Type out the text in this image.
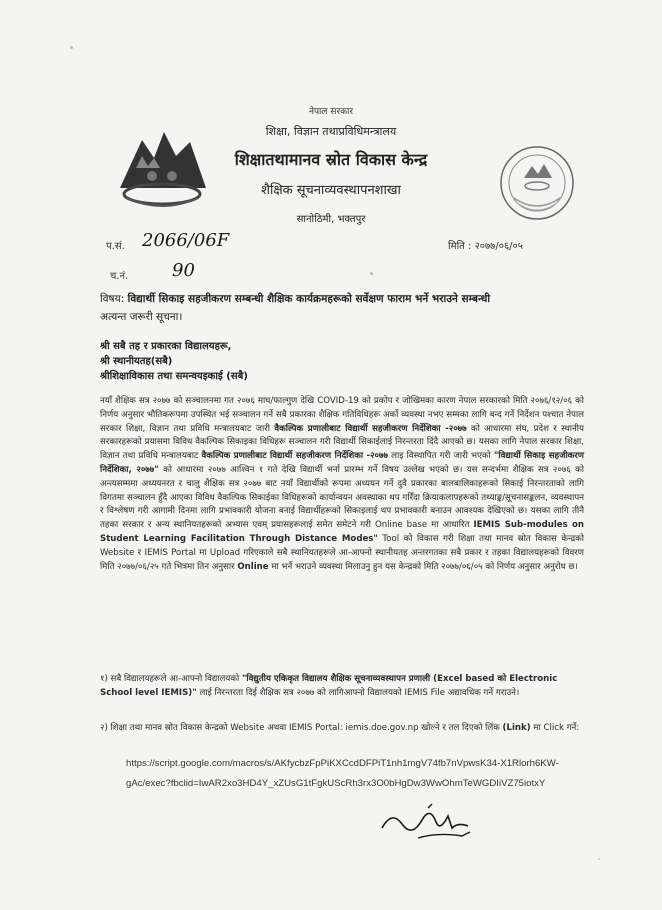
नेपाल सरकार
शिक्षा, विज्ञान तथाप्रविधिमन्त्रालय
शिक्षातथामानव स्रोत विकास केन्द्र
शैक्षिक सूचनाव्यवस्थापनशाखा
सानोठिमी, भक्तपुर
प.सं. 2066/06F	मिति : २०७७/०६/०५
च.नं. 90
विषय: विद्यार्थी सिकाइ सहजीकरण सम्बन्धी शैक्षिक कार्यक्रमहरूको सर्वेक्षण फाराम भर्ने भराउने सम्बन्धी
अत्यन्त जरूरी सूचना।
श्री सबै तह र प्रकारका विद्यालयहरू,
श्री स्थानीयतह(सबै)
श्रीशिक्षाविकास तथा समन्वयइकाई (सबै)
नयाँ शैक्षिक सत्र २०७७ को सञ्चालनमा गत २०७६ माघ/फाल्गुण देखि COVID-19 को प्रकोप र जोखिमका कारण नेपाल सरकारको मिति २०७६/१२/०६ को निर्णय अनुसार भौतिकरूपमा उपस्थित भई सञ्चालन गर्ने सबै प्रकारका शैक्षिक गतिविधिहरू अर्को व्यवस्था नभए सम्मका लागि बन्द गर्ने निर्देशन पश्चात नेपाल सरकार शिक्षा, विज्ञान तथा प्रविधि मन्त्रालयबाट जारी वैकल्पिक प्रणालीबाट विद्यार्थी सहजीकरण निर्देशिका -२०७७ को आधारमा संघ, प्रदेश र स्थानीय सरकारहरूको प्रयासमा विविध वैकल्पिक सिकाइका विधिहरू सञ्चालन गरी विद्यार्थी सिकाईलाई निरन्तरता दिंदै आएको छ। यसका लागि नेपाल सरकार शिक्षा, विज्ञान तथा प्रविधि मन्त्रालयबाट वैकल्पिक प्रणालीबाट विद्यार्थी सहजीकरण निर्देशिका -२०७७ लाइ विस्थापित गरी जारी भएको "विद्यार्थी सिकाइ सहजीकरण निर्देशिका, २०७७" को आधारमा २०७७ आश्विन १ गते देखि विद्यार्थी भर्ना प्रारम्भ गर्ने विषय उल्लेख भएको छ। यस सन्दर्भमा शैक्षिक सत्र २०७६ को अन्त्यसम्ममा अध्ययनरत र चालु शैक्षिक सत्र २०७७ बाट नयाँ विद्यार्थीको रूपमा अध्ययन गर्ने दुवै प्रकारका बालबालिकाहरूको सिकाई निरन्तरताको लागि विगतमा सञ्चालन हुँदै आएका विविध वैकल्पिक सिकाईका विधिहरूको कार्यान्वयन अवस्थाका थप गरिँदा क्रियाकलापहरूको तथ्याङ्क/सूचनासङ्कलन, व्यवस्थापन र विश्लेषण गरी आगामी दिनमा लागि प्रभावकारी योजना बनाई विद्यार्थीहरूको सिकाइलाई थप प्रभावकारी बनाउन आवश्यक देखिएको छ। यसका लागि तीनै तहका सरकार र अन्य स्थानियतहरूको अभ्यास एवम् प्रयासहरूलाई समेत समेटने गरी Online base मा आधारित IEMIS Sub-modules on Student Learning Facilitation Through Distance Modes" Tool को विकास गरी शिक्षा तथा मानव स्रोत विकास केन्द्रको Website र IEMIS Portal मा Upload गरिएकाले सबै स्थानियतहरूले आ-आफ्नो स्थानीयतह अन्तरगतका सबै प्रकार र तहका विद्यालयहरूको विवरण मिति २०७७/०६/२५ गते भित्रमा तिन अनुसार Online मा भर्ने भराउने व्यवस्था मिलाउनु हुन यस केन्द्रको मिति २०७७/०६/०५ को निर्णय अनुसार अनुरोध छ।
१) सबै विद्यालयहरूले आ-आफ्नो विद्यालयको "विद्युतीय एकिकृत विद्यालय शैक्षिक सूचनाव्यवस्थापन प्रणाली (Excel based को Electronic School level IEMIS)" लाई निरन्तरता दिई शैक्षिक सत्र २०७७ को लागिआफ्नो विद्यालयको IEMIS File अद्यावधिक गर्ने गराउने।
२) शिक्षा तथा मानव स्रोत विकास केन्द्रको Website अथवा IEMIS Portal: iemis.doe.gov.np खोल्ने र तल दिएको लिंक (Link) मा Click गर्ने:
https://script.google.com/macros/s/AKfycbzFpPiKXCcdDFPiT1nh1mgV74fb7nVpwsK34-X1Rlorh6KW-
gAc/exec?fbclid=IwAR2xo3HD4Y_xZUsG1tFgkUScRh3rx3O0bHgDw3WwOhmTeWGDIiVZ75iotxY
